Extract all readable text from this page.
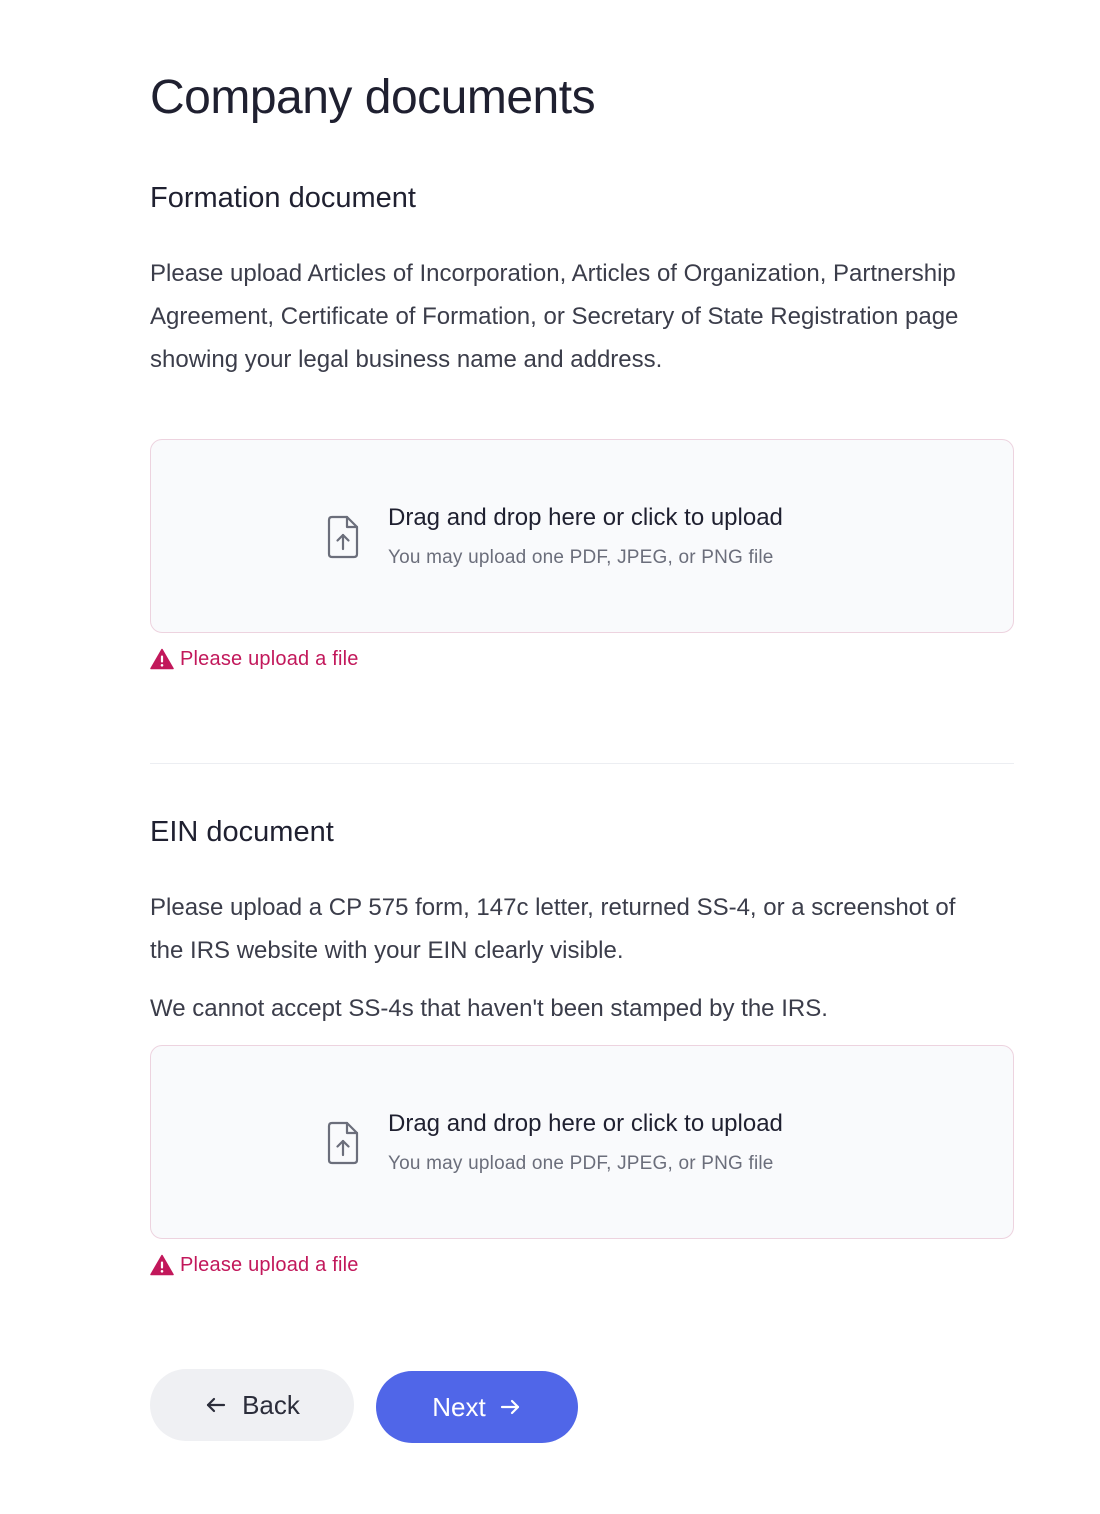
Company documents
Formation document

Please upload Articles of Incorporation, Articles of Organization, Partnership Agreement, Certificate of Formation, or Secretary of State Registration page showing your legal business name and address.

Drag and drop here or click to upload
You may upload one PDF, JPEG, or PNG file
Please upload a file
EIN document

Please upload a CP 575 form, 147c letter, returned SS-4, or a screenshot of the IRS website with your EIN clearly visible.

We cannot accept SS-4s that haven't been stamped by the IRS.

Drag and drop here or click to upload
You may upload one PDF, JPEG, or PNG file
Please upload a file
Back	Next
